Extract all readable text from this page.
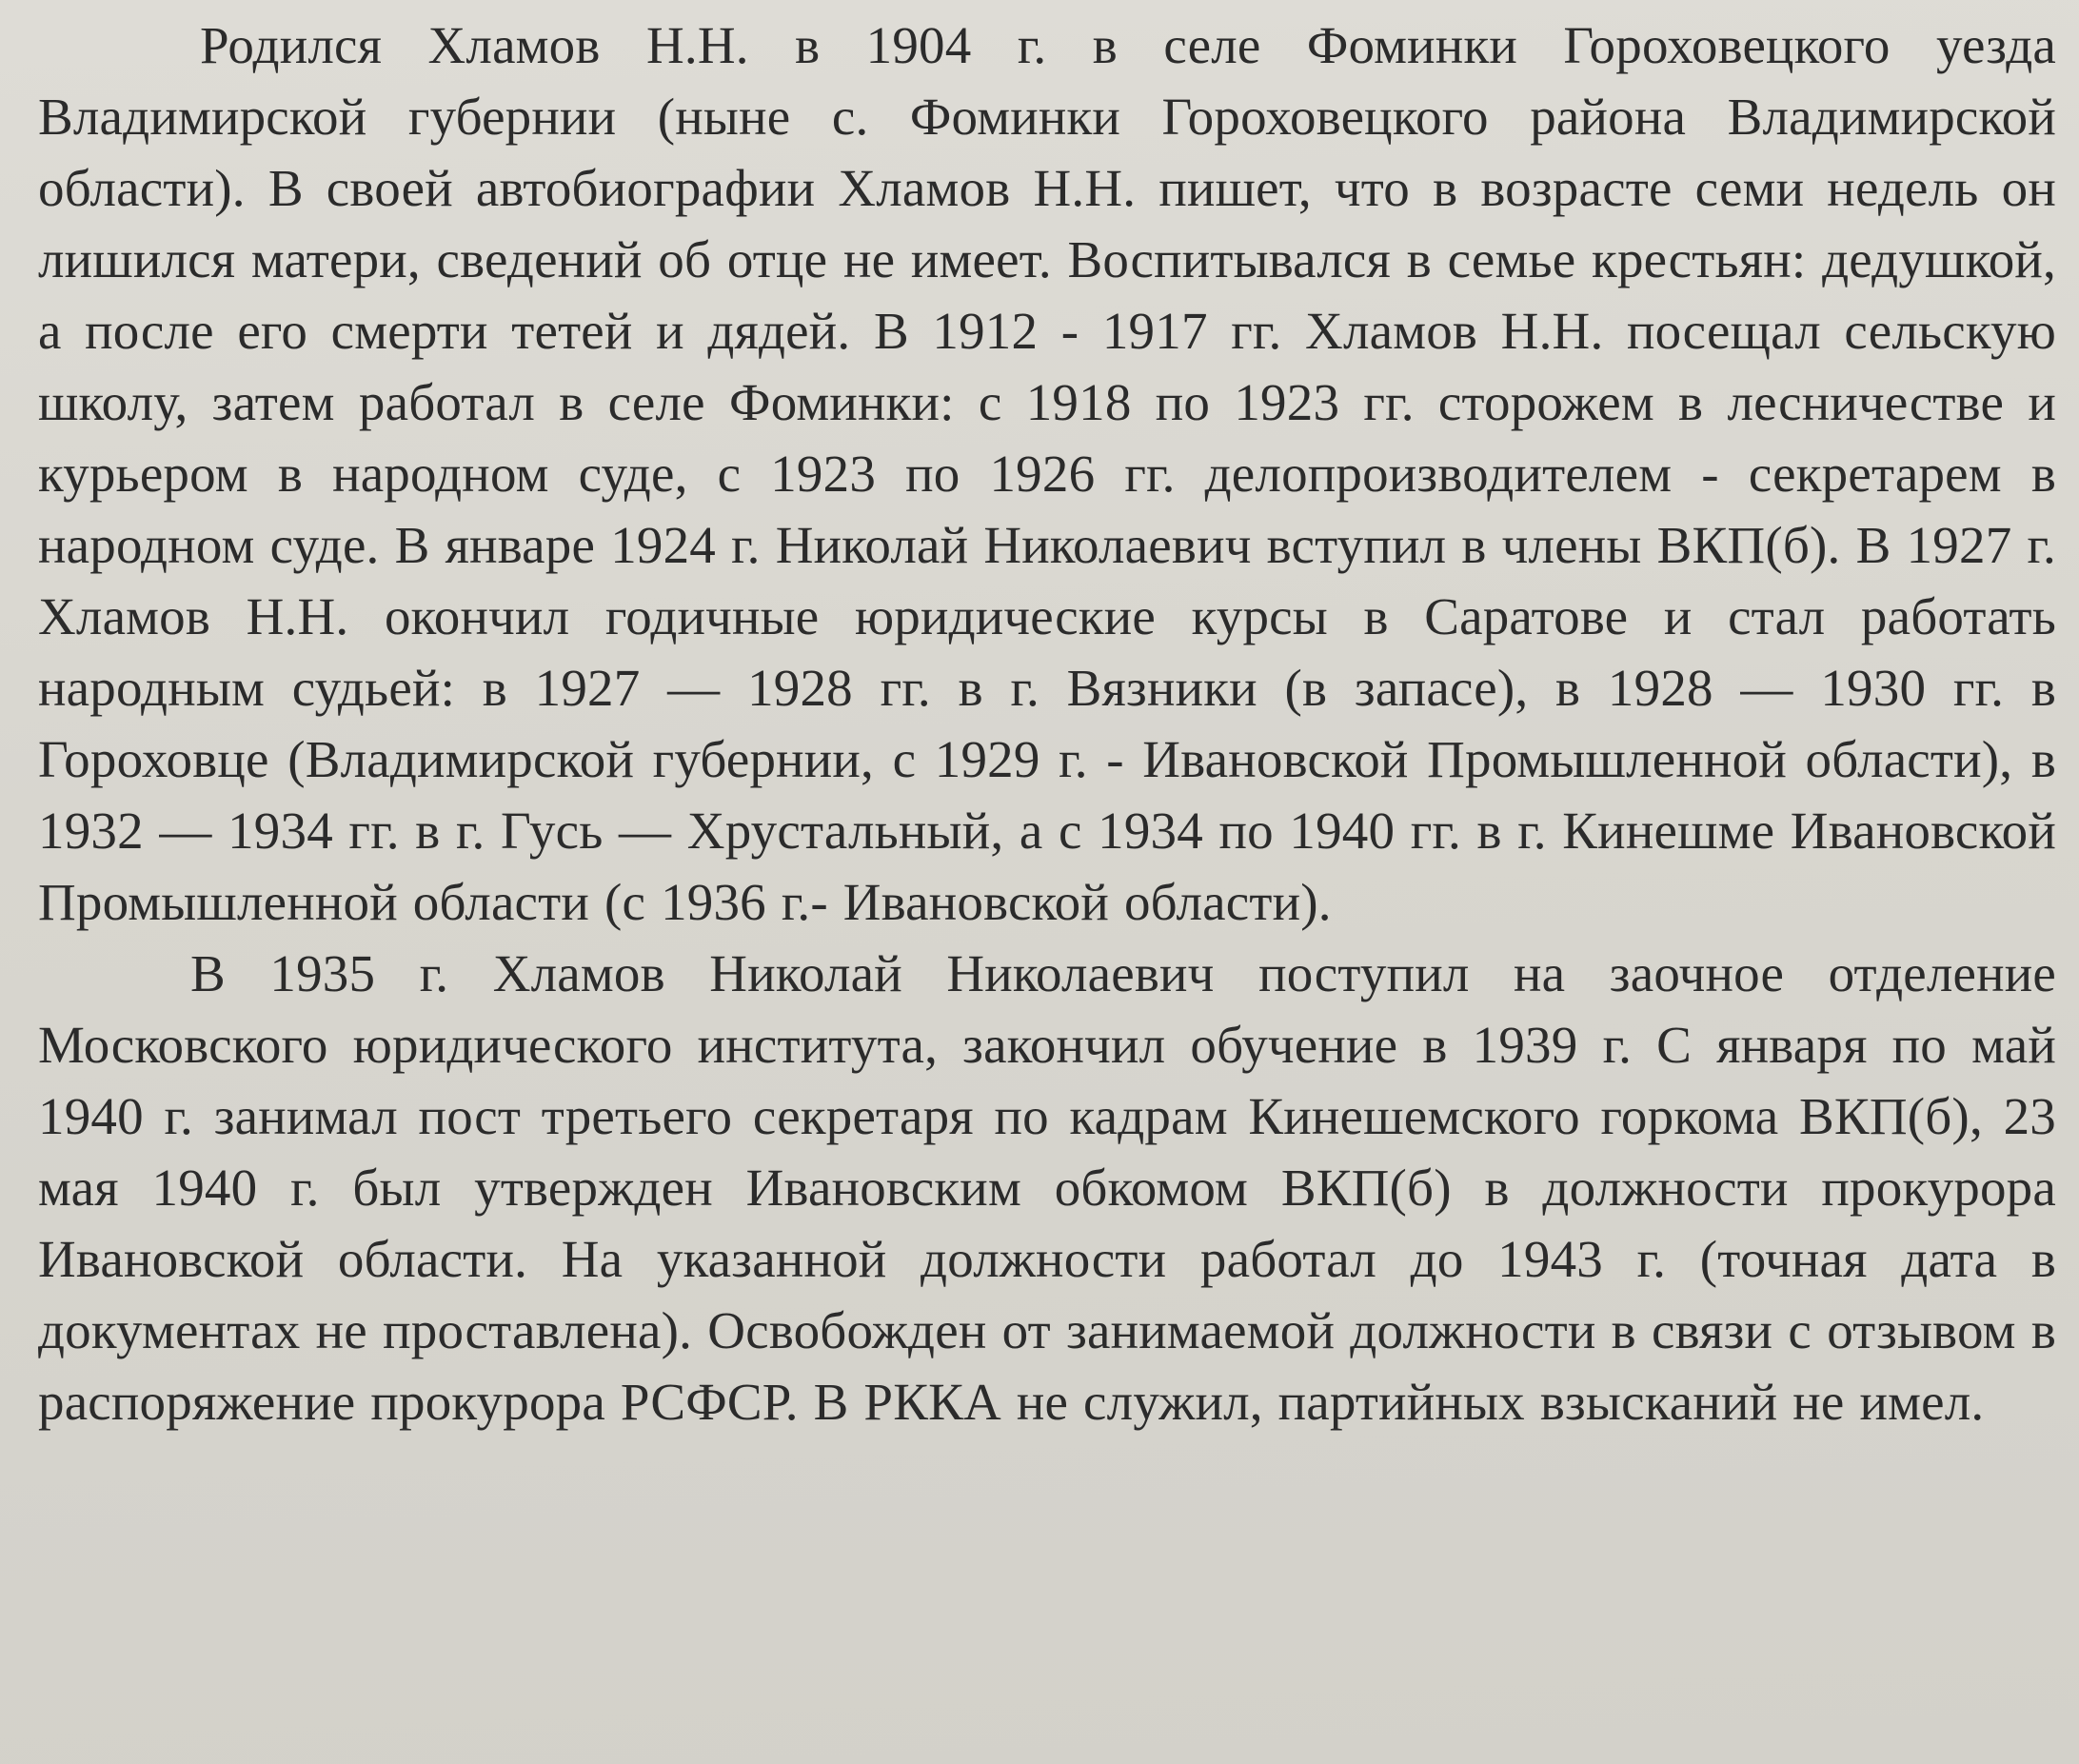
Родился Хламов Н.Н. в 1904 г. в селе Фоминки Гороховецкого уезда Владимирской губернии (ныне с. Фоминки Гороховецкого района Владимирской области). В своей автобиографии Хламов Н.Н. пишет, что в возрасте семи недель он лишился матери, сведений об отце не имеет. Воспитывался в семье крестьян: дедушкой, а после его смерти тетей и дядей. В 1912 - 1917 гг. Хламов Н.Н. посещал сельскую школу, затем работал в селе Фоминки: с 1918 по 1923 гг. сторожем в лесничестве и курьером в народном суде, с 1923 по 1926 гг. делопроизводителем - секретарем в народном суде. В январе 1924 г. Николай Николаевич вступил в члены ВКП(б). В 1927 г. Хламов Н.Н. окончил годичные юридические курсы в Саратове и стал работать народным судьей: в 1927 — 1928 гг. в г. Вязники (в запасе), в 1928 — 1930 гг. в Гороховце (Владимирской губернии, с 1929 г. - Ивановской Промышленной области), в 1932 — 1934 гг. в г. Гусь — Хрустальный, а с 1934 по 1940 гг. в г. Кинешме Ивановской Промышленной области (с 1936 г.- Ивановской области).

В 1935 г. Хламов Николай Николаевич поступил на заочное отделение Московского юридического института, закончил обучение в 1939 г. С января по май 1940 г. занимал пост третьего секретаря по кадрам Кинешемского горкома ВКП(б), 23 мая 1940 г. был утвержден Ивановским обкомом ВКП(б) в должности прокурора Ивановской области. На указанной должности работал до 1943 г. (точная дата в документах не проставлена). Освобожден от занимаемой должности в связи с отзывом в распоряжение прокурора РСФСР. В РККА не служил, партийных взысканий не имел.
